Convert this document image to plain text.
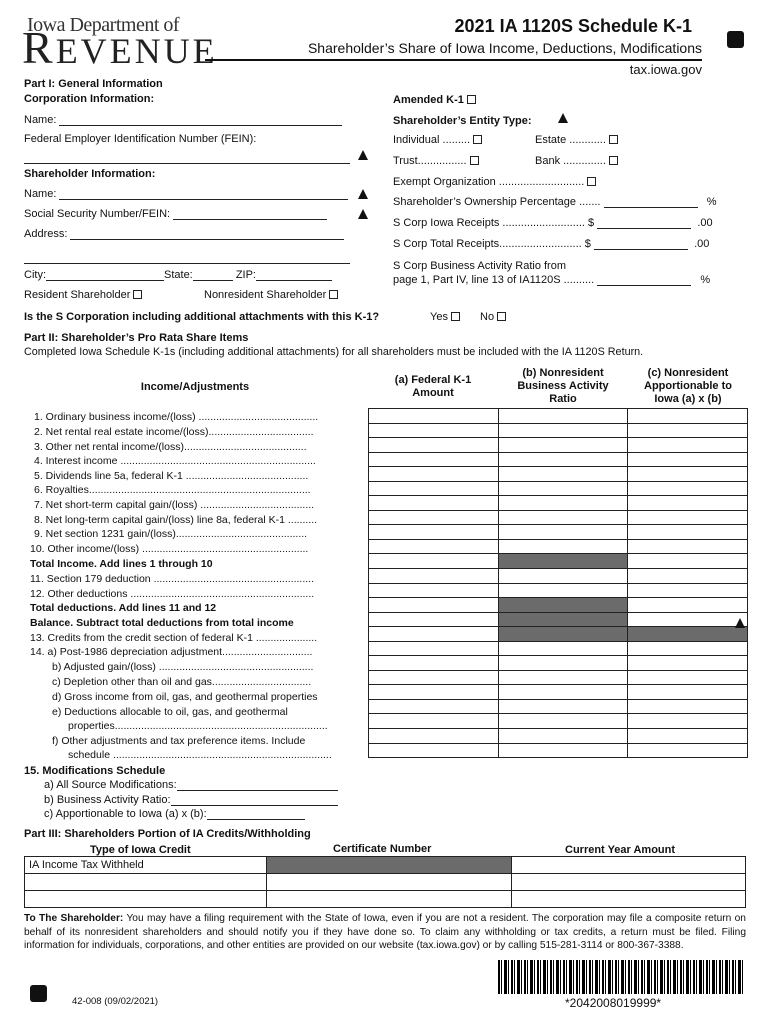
Iowa Department of
REVENUE
2021 IA 1120S Schedule K-1
Shareholder’s Share of Iowa Income, Deductions, Modifications
tax.iowa.gov
Part I: General Information
Corporation Information:
Name:
Federal Employer Identification Number (FEIN):
Shareholder Information:
Name:
Social Security Number/FEIN:
Address:
City:	State:	ZIP:
Resident Shareholder	Nonresident Shareholder
Amended K-1
Shareholder’s Entity Type:
Individual .........	Estate ............
Trust................	Bank ..............
Exempt Organization ............................
Shareholder’s Ownership Percentage .......	%
S Corp Iowa Receipts ........................... $	.00
S Corp Total Receipts........................... $	.00
S Corp Business Activity Ratio from
page 1, Part IV, line 13 of IA1120S ..........	%
Is the S Corporation including additional attachments with this K-1?	Yes	No
Part II: Shareholder’s Pro Rata Share Items
Completed Iowa Schedule K-1s (including additional attachments) for all shareholders must be included with the IA 1120S Return.
Income/Adjustments
(a) Federal K-1
Amount
(b) Nonresident
Business Activity
Ratio
(c) Nonresident
Apportionable to
Iowa (a) x (b)

1. Ordinary business income/(loss) .........................................
2. Net rental real estate income/(loss)....................................
3. Other net rental income/(loss)..........................................
4. Interest income ...................................................................
5. Dividends line 5a, federal K-1 ..........................................
6. Royalties............................................................................
7. Net short-term capital gain/(loss) .......................................
8. Net long-term capital gain/(loss) line 8a, federal K-1 ..........
9. Net section 1231 gain/(loss).............................................
10. Other income/(loss) .........................................................
Total Income. Add lines 1 through 10
11. Section 179 deduction .......................................................
12. Other deductions ...............................................................
Total deductions. Add lines 11 and 12
Balance. Subtract total deductions from total income
13. Credits from the credit section of federal K-1 .....................
14. a) Post-1986 depreciation adjustment...............................
b) Adjusted gain/(loss) .....................................................
c) Depletion other than oil and gas..................................
d) Gross income from oil, gas, and geothermal properties
e) Deductions allocable to oil, gas, and geothermal
properties.........................................................................
f) Other adjustments and tax preference items. Include
schedule ...........................................................................
15. Modifications Schedule
a) All Source Modifications:
b) Business Activity Ratio:
c) Apportionable to Iowa (a) x (b):
Part III: Shareholders Portion of IA Credits/Withholding
Type of Iowa Credit	Certificate Number	Current Year Amount
IA Income Tax Withheld		

To The Shareholder: You may have a filing requirement with the State of Iowa, even if you are not a resident. The corporation may file a composite return on behalf of its nonresident shareholders and should notify you if they have done so. To claim any withholding or tax credits, a return must be filed. Filing information for individuals, corporations, and other entities are provided on our website (tax.iowa.gov) or by calling 515-281-3114 or 800-367-3388.
42-008 (09/02/2021)	*2042008019999*
